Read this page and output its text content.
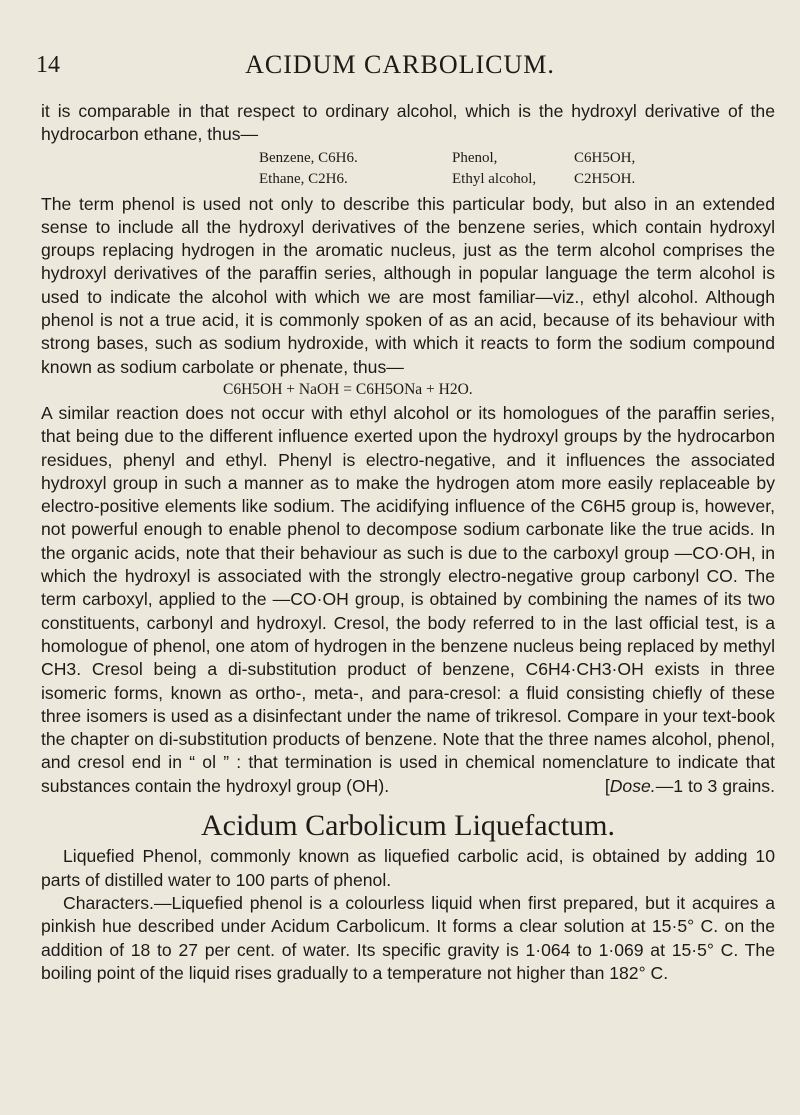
14	ACIDUM CARBOLICUM.

it is comparable in that respect to ordinary alcohol, which is the hydroxyl derivative of the hydrocarbon ethane, thus—

Benzene, C6H6.	Phenol,	C6H5OH,
Ethane, C2H6.	Ethyl alcohol,	C2H5OH.

The term phenol is used not only to describe this particular body, but also in an extended sense to include all the hydroxyl derivatives of the benzene series, which contain hydroxyl groups replacing hydrogen in the aromatic nucleus, just as the term alcohol comprises the hydroxyl derivatives of the paraffin series, although in popular language the term alcohol is used to indicate the alcohol with which we are most familiar—viz., ethyl alcohol. Although phenol is not a true acid, it is commonly spoken of as an acid, because of its behaviour with strong bases, such as sodium hydroxide, with which it reacts to form the sodium compound known as sodium carbolate or phenate, thus—

C6H5OH + NaOH = C6H5ONa + H2O.

A similar reaction does not occur with ethyl alcohol or its homologues of the paraffin series, that being due to the different influence exerted upon the hydroxyl groups by the hydrocarbon residues, phenyl and ethyl. Phenyl is electro-negative, and it influences the associated hydroxyl group in such a manner as to make the hydrogen atom more easily replaceable by electro-positive elements like sodium. The acidifying influence of the C6H5 group is, however, not powerful enough to enable phenol to decompose sodium carbonate like the true acids. In the organic acids, note that their behaviour as such is due to the carboxyl group —CO·OH, in which the hydroxyl is associated with the strongly electro-negative group carbonyl CO. The term carboxyl, applied to the —CO·OH group, is obtained by combining the names of its two constituents, carbonyl and hydroxyl. Cresol, the body referred to in the last official test, is a homologue of phenol, one atom of hydrogen in the benzene nucleus being replaced by methyl CH3. Cresol being a di-substitution product of benzene, C6H4·CH3·OH exists in three isomeric forms, known as ortho-, meta-, and para-cresol: a fluid consisting chiefly of these three isomers is used as a disinfectant under the name of trikresol. Compare in your text-book the chapter on di-substitution products of benzene. Note that the three names alcohol, phenol, and cresol end in “ ol ” : that termination is used in chemical nomenclature to indicate that substances contain the hydroxyl group (OH).	[Dose.—1 to 3 grains.

Acidum Carbolicum Liquefactum.

Liquefied Phenol, commonly known as liquefied carbolic acid, is obtained by adding 10 parts of distilled water to 100 parts of phenol.

Characters.—Liquefied phenol is a colourless liquid when first prepared, but it acquires a pinkish hue described under Acidum Carbolicum. It forms a clear solution at 15·5° C. on the addition of 18 to 27 per cent. of water. Its specific gravity is 1·064 to 1·069 at 15·5° C. The boiling point of the liquid rises gradually to a temperature not higher than 182° C.
